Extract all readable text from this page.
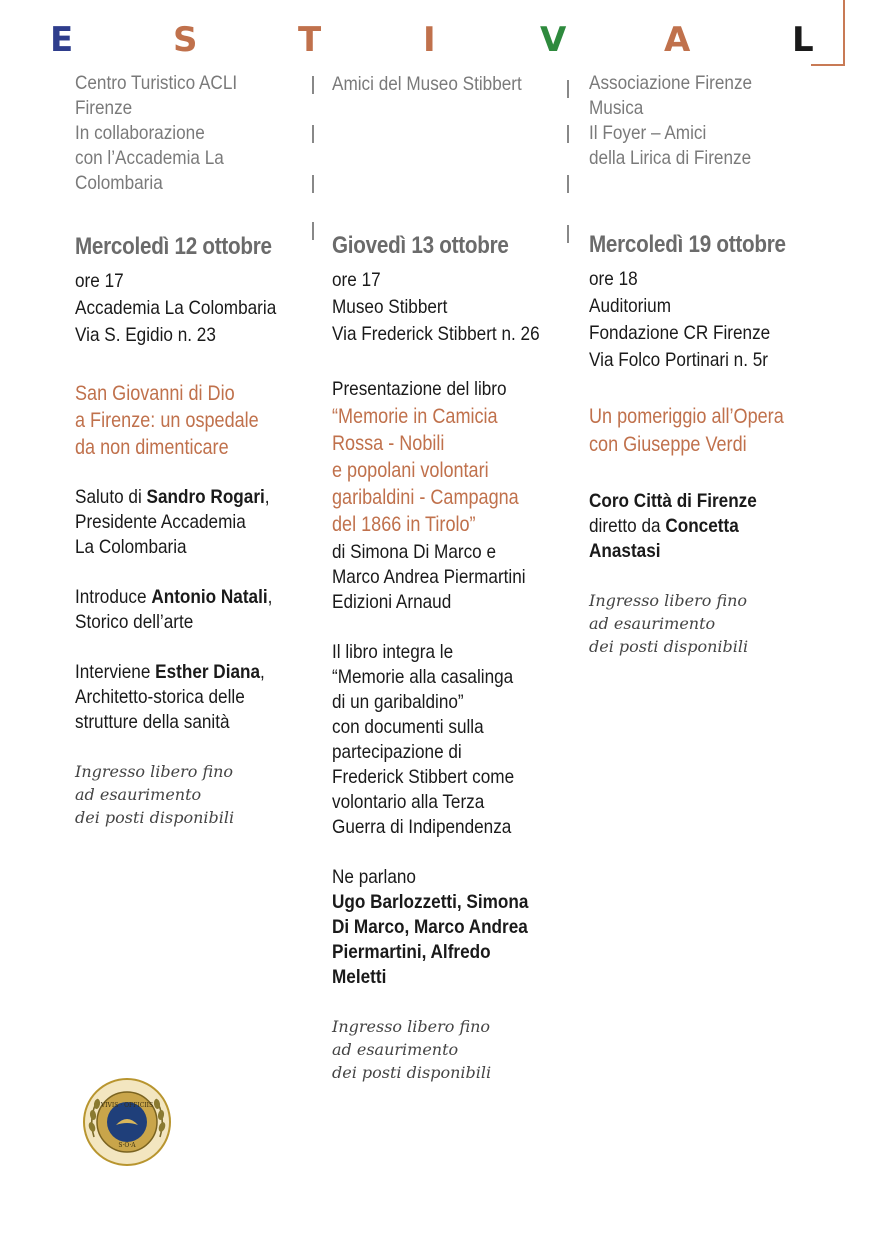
E	S	T	I	V	A	L
Centro Turistico ACLI
Firenze
In collaborazione
con l’Accademia La
Colombaria
Mercoledì 12 ottobre
ore 17
Accademia La Colombaria
Via S. Egidio n. 23
San Giovanni di Dio
a Firenze: un ospedale
da non dimenticare
Saluto di Sandro Rogari,
Presidente Accademia
La Colombaria
Introduce Antonio Natali,
Storico dell’arte
Interviene Esther Diana,
Architetto-storica delle
strutture della sanità
Ingresso libero fino
ad esaurimento
dei posti disponibili
Amici del Museo Stibbert
Giovedì 13 ottobre
ore 17
Museo Stibbert
Via Frederick Stibbert n. 26
Presentazione del libro
“Memorie in Camicia
Rossa - Nobili
e popolani volontari
garibaldini - Campagna
del 1866 in Tirolo”
di Simona Di Marco e
Marco Andrea Piermartini
Edizioni Arnaud
Il libro integra le
“Memorie alla casalinga
di un garibaldino”
con documenti sulla
partecipazione di
Frederick Stibbert come
volontario alla Terza
Guerra di Indipendenza
Ne parlano
Ugo Barlozzetti, Simona
Di Marco, Marco Andrea
Piermartini, Alfredo
Meletti
Ingresso libero fino
ad esaurimento
dei posti disponibili
Associazione Firenze
Musica
Il Foyer – Amici
della Lirica di Firenze
Mercoledì 19 ottobre
ore 18
Auditorium
Fondazione CR Firenze
Via Folco Portinari n. 5r
Un pomeriggio all’Opera
con Giuseppe Verdi
Coro Città di Firenze
diretto da Concetta
Anastasi
Ingresso libero fino
ad esaurimento
dei posti disponibili
VIVIS · OFFICIIS
S·O·A
